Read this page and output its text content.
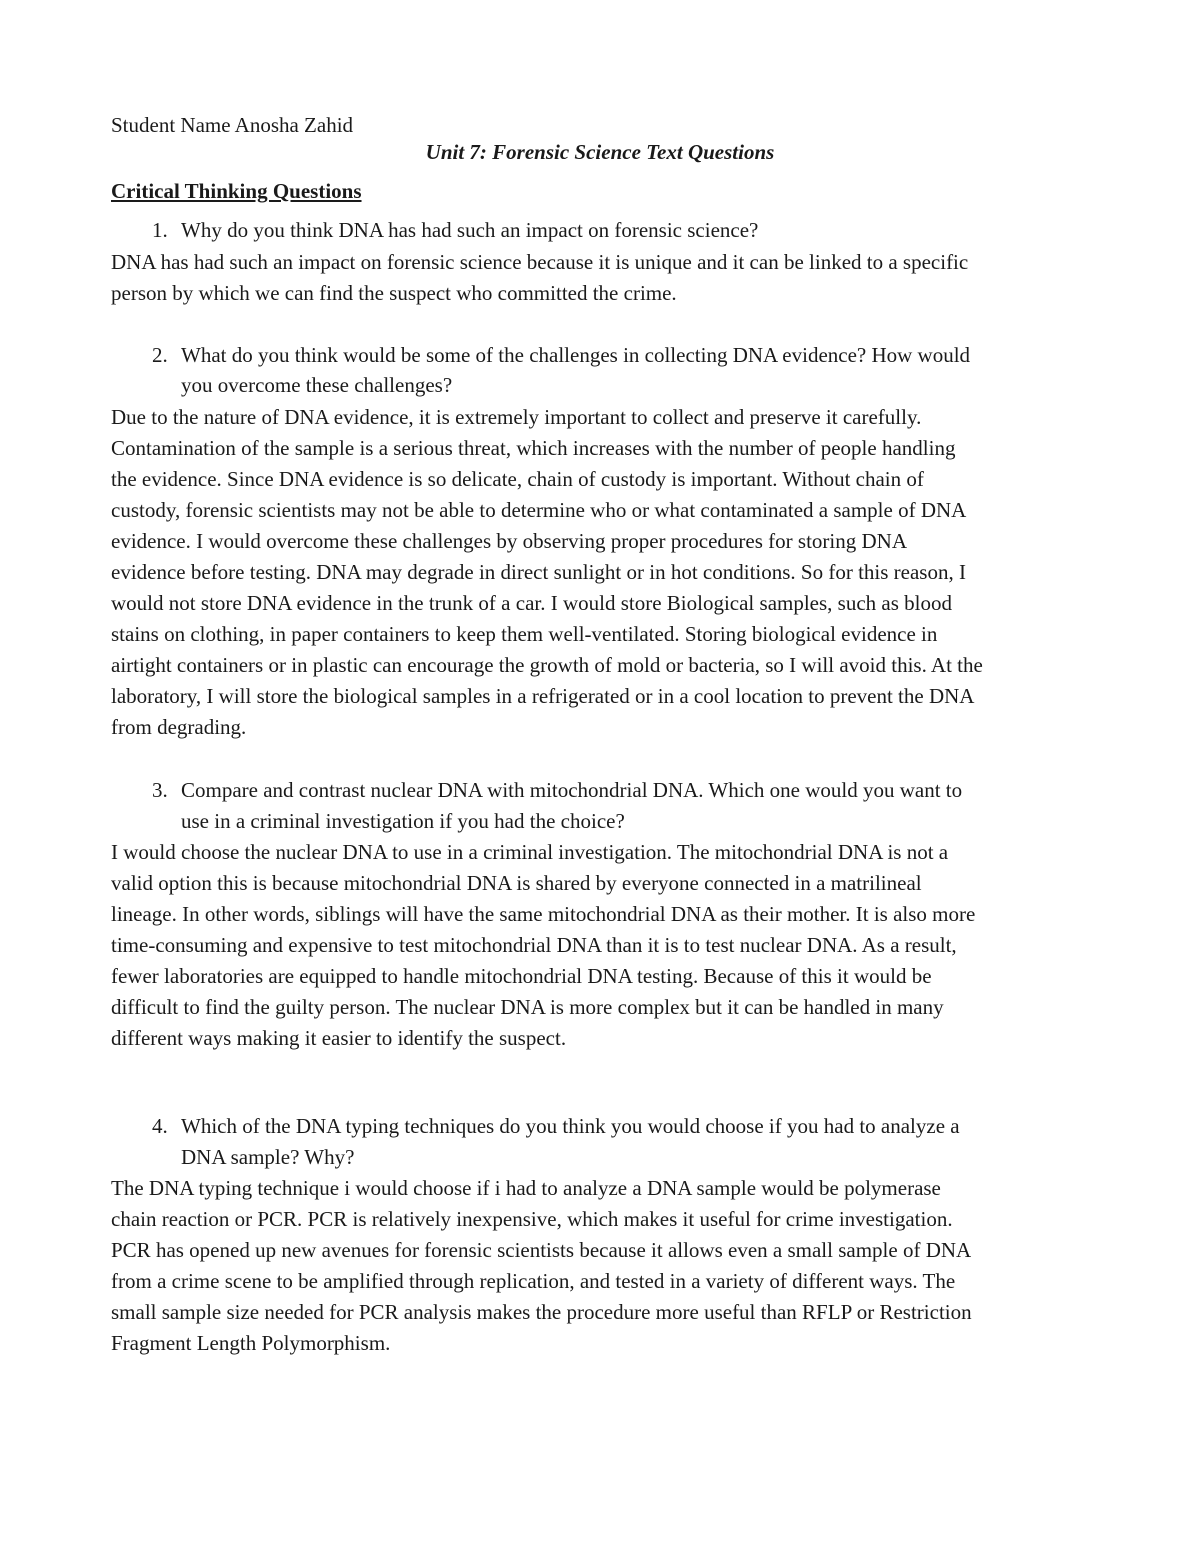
Student Name Anosha Zahid
Unit 7: Forensic Science Text Questions
Critical Thinking Questions
1. Why do you think DNA has had such an impact on forensic science?
DNA has had such an impact on forensic science because it is unique and it can be linked to a specific
person by which we can find the suspect who committed the crime.
2. What do you think would be some of the challenges in collecting DNA evidence? How would
you overcome these challenges?
Due to the nature of DNA evidence, it is extremely important to collect and preserve it carefully.
Contamination of the sample is a serious threat, which increases with the number of people handling
the evidence. Since DNA evidence is so delicate, chain of custody is important. Without chain of
custody, forensic scientists may not be able to determine who or what contaminated a sample of DNA
evidence. I would overcome these challenges by observing proper procedures for storing DNA
evidence before testing. DNA may degrade in direct sunlight or in hot conditions. So for this reason, I
would not store DNA evidence in the trunk of a car. I would store Biological samples, such as blood
stains on clothing, in paper containers to keep them well-ventilated. Storing biological evidence in
airtight containers or in plastic can encourage the growth of mold or bacteria, so I will avoid this. At the
laboratory, I will store the biological samples in a refrigerated or in a cool location to prevent the DNA
from degrading.
3. Compare and contrast nuclear DNA with mitochondrial DNA. Which one would you want to
use in a criminal investigation if you had the choice?
I would choose the nuclear DNA to use in a criminal investigation. The mitochondrial DNA is not a
valid option this is because mitochondrial DNA is shared by everyone connected in a matrilineal
lineage. In other words, siblings will have the same mitochondrial DNA as their mother. It is also more
time-consuming and expensive to test mitochondrial DNA than it is to test nuclear DNA. As a result,
fewer laboratories are equipped to handle mitochondrial DNA testing. Because of this it would be
difficult to find the guilty person. The nuclear DNA is more complex but it can be handled in many
different ways making it easier to identify the suspect.
4. Which of the DNA typing techniques do you think you would choose if you had to analyze a
DNA sample? Why?
The DNA typing technique i would choose if i had to analyze a DNA sample would be polymerase
chain reaction or PCR. PCR is relatively inexpensive, which makes it useful for crime investigation.
PCR has opened up new avenues for forensic scientists because it allows even a small sample of DNA
from a crime scene to be amplified through replication, and tested in a variety of different ways. The
small sample size needed for PCR analysis makes the procedure more useful than RFLP or Restriction
Fragment Length Polymorphism.
